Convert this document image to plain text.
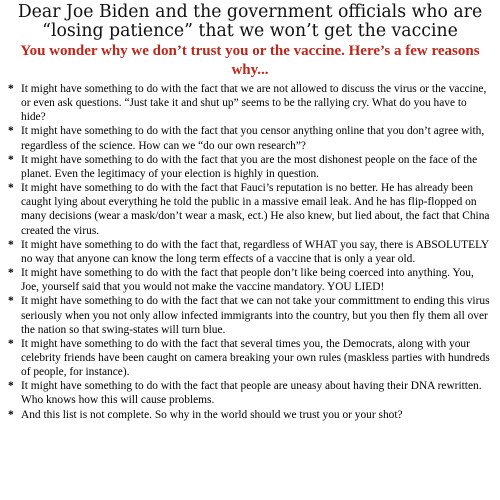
Dear Joe Biden and the government officials who are
“losing patience” that we won’t get the vaccine
You wonder why we don’t trust you or the vaccine. Here’s a few reasons why...
* It might have something to do with the fact that we are not allowed to discuss the virus or the vaccine, or even ask questions. “Just take it and shut up” seems to be the rallying cry. What do you have to hide?
* It might have something to do with the fact that you censor anything online that you don’t agree with, regardless of the science. How can we “do our own research”?
* It might have something to do with the fact that you are the most dishonest people on the face of the planet. Even the legitimacy of your election is highly in question.
* It might have something to do with the fact that Fauci’s reputation is no better. He has already been caught lying about everything he told the public in a massive email leak. And he has flip-flopped on many decisions (wear a mask/don’t wear a mask, ect.) He also knew, but lied about, the fact that China created the virus.
* It might have something to do with the fact that, regardless of WHAT you say, there is ABSOLUTELY no way that anyone can know the long term effects of a vaccine that is only a year old.
* It might have something to do with the fact that people don’t like being coerced into anything. You, Joe, yourself said that you would not make the vaccine mandatory. YOU LIED!
* It might have something to do with the fact that we can not take your committment to ending this virus seriously when you not only allow infected immigrants into the country, but you then fly them all over the nation so that swing-states will turn blue.
* It might have something to do with the fact that several times you, the Democrats, along with your celebrity friends have been caught on camera breaking your own rules (maskless parties with hundreds of people, for instance).
* It might have something to do with the fact that people are uneasy about having their DNA rewritten. Who knows how this will cause problems.
* And this list is not complete. So why in the world should we trust you or your shot?
